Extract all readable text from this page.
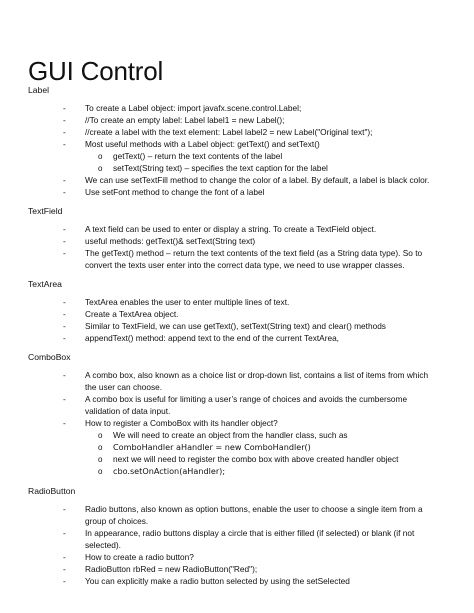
GUI Control
Label
- To create a Label object: import javafx.scene.control.Label;
- //To create an empty label: Label label1 = new Label();
- //create a label with the text element: Label label2 = new Label("Original text");
- Most useful methods with a Label object: getText() and setText()
o getText() – return the text contents of the label
o setText(String text) – specifies the text caption for the label
- We can use setTextFill method to change the color of a label. By default, a label is black color.
- Use setFont method to change the font of a label
TextField
- A text field can be used to enter or display a string. To create a TextField object.
- useful methods: getText()& setText(String text)
- The getText() method – return the text contents of the text field (as a String data type). So to
convert the texts user enter into the correct data type, we need to use wrapper classes.
TextArea
- TextArea enables the user to enter multiple lines of text.
- Create a TextArea object.
- Similar to TextField, we can use getText(), setText(String text) and clear() methods
- appendText() method: append text to the end of the current TextArea,
ComboBox
- A combo box, also known as a choice list or drop-down list, contains a list of items from which
the user can choose.
- A combo box is useful for limiting a user’s range of choices and avoids the cumbersome
validation of data input.
- How to register a ComboBox with its handler object?
o We will need to create an object from the handler class, such as
o ComboHandler aHandler = new ComboHandler()
o next we will need to register the combo box with above created handler object
o cbo.setOnAction(aHandler);
RadioButton
- Radio buttons, also known as option buttons, enable the user to choose a single item from a
group of choices.
- In appearance, radio buttons display a circle that is either filled (if selected) or blank (if not
selected).
- How to create a radio button?
- RadioButton rbRed = new RadioButton("Red");
- You can explicitly make a radio button selected by using the setSelected
